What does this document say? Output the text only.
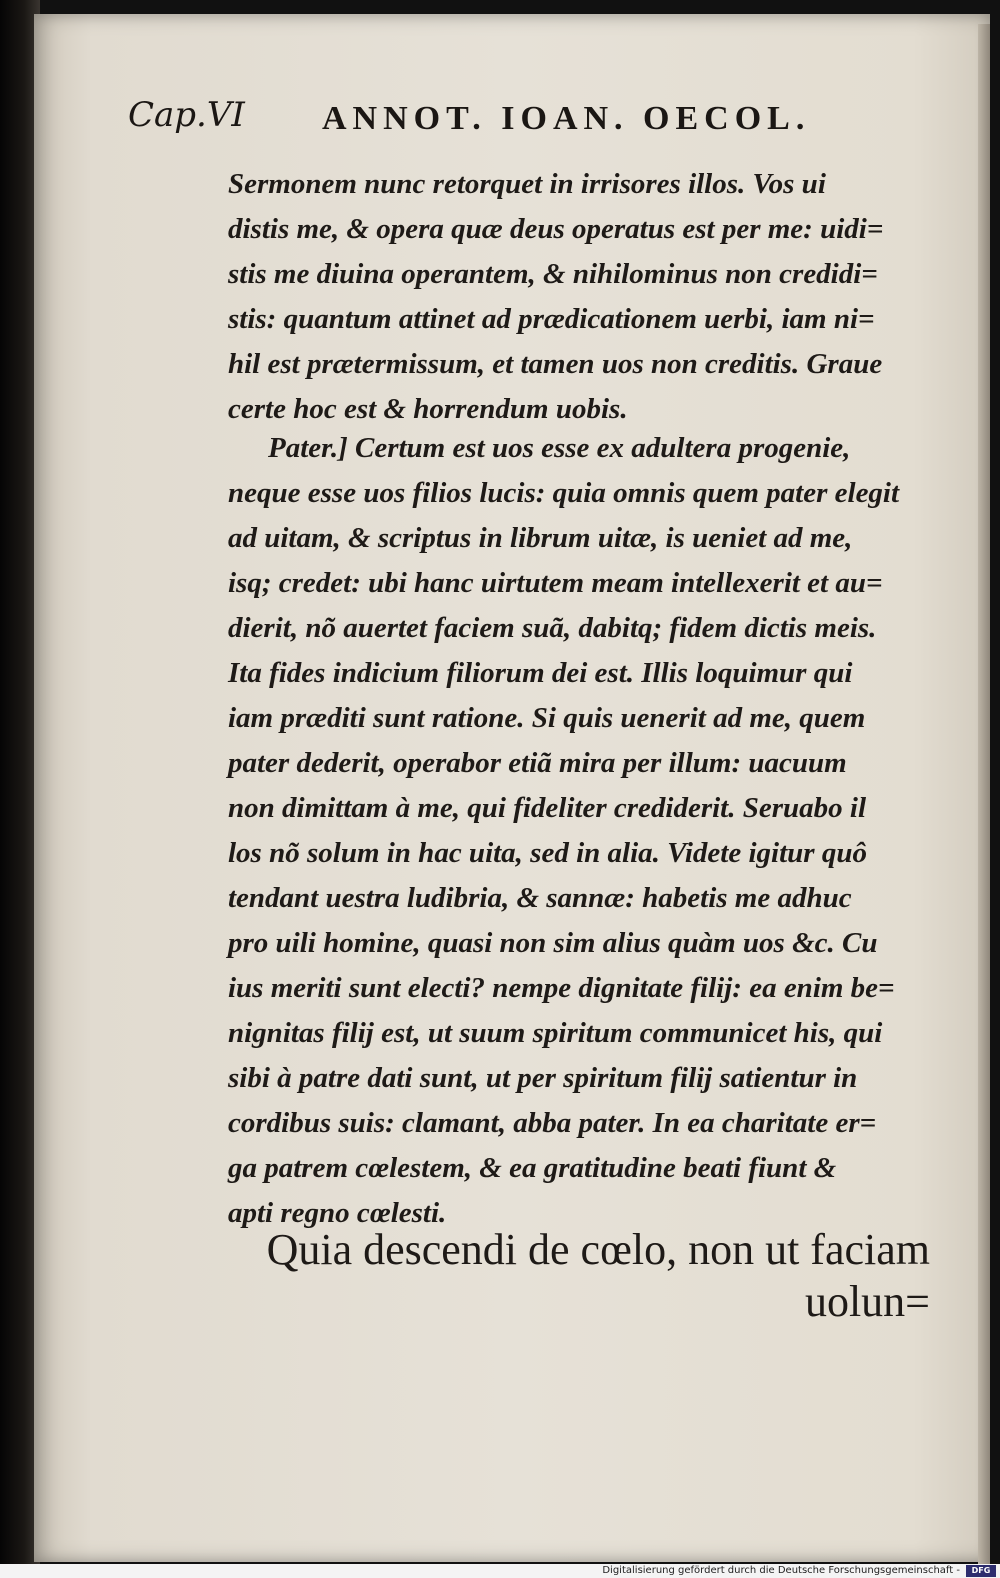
Cap.VI ANNOT. IOAN. OECOL.
Sermonem nunc retorquet in irrisores illos. Vos ui
distis me, & opera quæ deus operatus est per me: uidi=
stis me diuina operantem, & nihilominus non credidi=
stis: quantum attinet ad prædicationem uerbi, iam ni=
hil est prætermissum, et tamen uos non creditis. Graue
certe hoc est & horrendum uobis.
Pater.] Certum est uos esse ex adultera progenie,
neque esse uos filios lucis: quia omnis quem pater elegit
ad uitam, & scriptus in librum uitæ, is ueniet ad me,
isq; credet: ubi hanc uirtutem meam intellexerit et au=
dierit, nõ auertet faciem suã, dabitq; fidem dictis meis.
Ita fides indicium filiorum dei est. Illis loquimur qui
iam præditi sunt ratione. Si quis uenerit ad me, quem
pater dederit, operabor etiã mira per illum: uacuum
non dimittam à me, qui fideliter crediderit. Seruabo il
los nõ solum in hac uita, sed in alia. Videte igitur quô
tendant uestra ludibria, & sannæ: habetis me adhuc
pro uili homine, quasi non sim alius quàm uos &c. Cu
ius meriti sunt electi? nempe dignitate filij: ea enim be=
nignitas filij est, ut suum spiritum communicet his, qui
sibi à patre dati sunt, ut per spiritum filij satientur in
cordibus suis: clamant, abba pater. In ea charitate er=
ga patrem cœlestem, & ea gratitudine beati fiunt &
apti regno cœlesti.
Quia descendi de cœlo, non ut faciam
uolun=
Digitalisierung gefördert durch die Deutsche Forschungsgemeinschaft -	DFG
